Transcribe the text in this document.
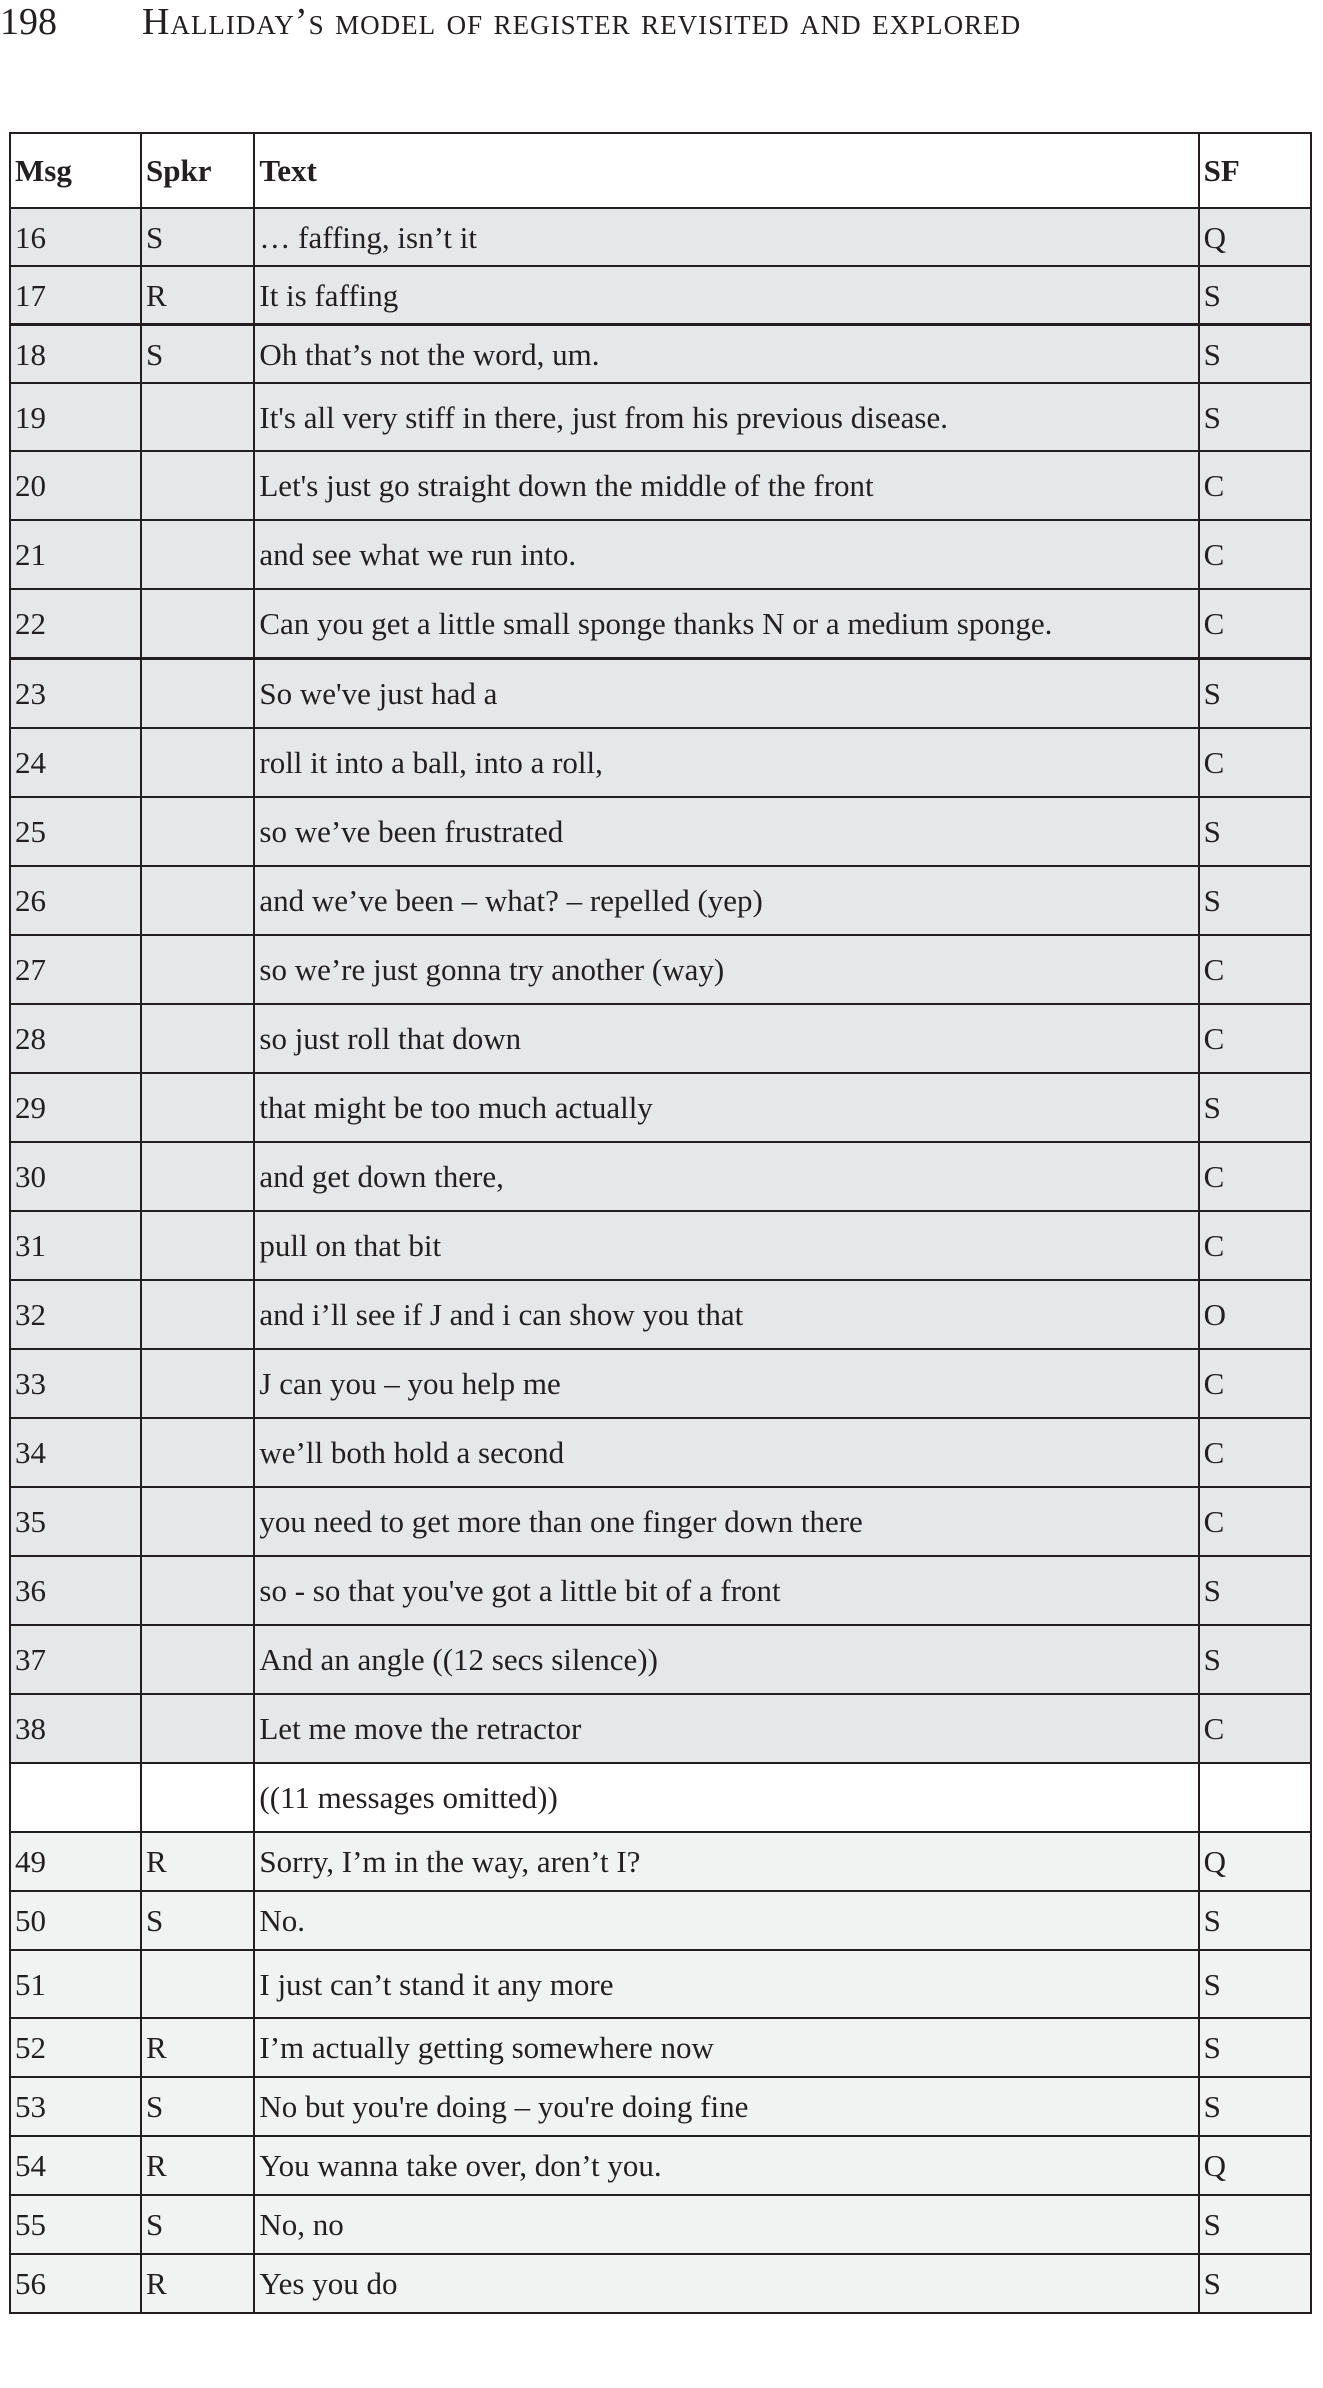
198 Halliday’s model of register revisited and explored
Msg	Spkr	Text	SF
16	S	… faffing, isn’t it	Q
17	R	It is faffing	S
18	S	Oh that’s not the word, um.	S
19		It's all very stiff in there, just from his previous disease.	S
20		Let's just go straight down the middle of the front	C
21		and see what we run into.	C
22		Can you get a little small sponge thanks N or a medium sponge.	C
23		So we've just had a	S
24		roll it into a ball, into a roll,	C
25		so we’ve been frustrated	S
26		and we’ve been – what? – repelled (yep)	S
27		so we’re just gonna try another (way)	C
28		so just roll that down	C
29		that might be too much actually	S
30		and get down there,	C
31		pull on that bit	C
32		and i’ll see if J and i can show you that	O
33		J can you – you help me	C
34		we’ll both hold a second	C
35		you need to get more than one finger down there	C
36		so - so that you've got a little bit of a front	S
37		And an angle ((12 secs silence))	S
38		Let me move the retractor	C
		((11 messages omitted))	
49	R	Sorry, I’m in the way, aren’t I?	Q
50	S	No.	S
51		I just can’t stand it any more	S
52	R	I’m actually getting somewhere now	S
53	S	No but you're doing – you're doing fine	S
54	R	You wanna take over, don’t you.	Q
55	S	No, no	S
56	R	Yes you do	S
